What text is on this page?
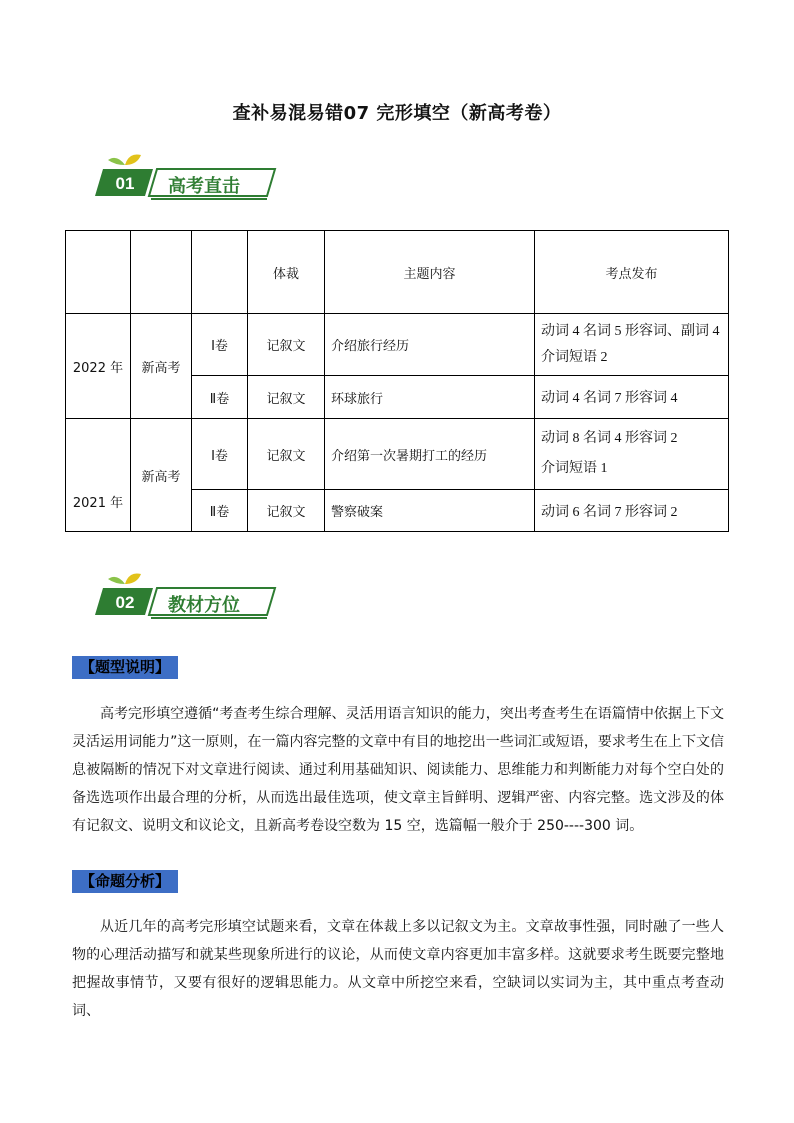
查补易混易错07 完形填空（新高考卷）
01	高考直击
			体裁	主题内容	考点发布
2022 年	新高考	Ⅰ卷	记叙文	介绍旅行经历	动词 4 名词 5 形容词、副词 4
介词短语 2

		Ⅱ卷	记叙文	环球旅行	动词 4 名词 7 形容词 4
2021 年	新高考	Ⅰ卷	记叙文	介绍第一次暑期打工的经历	动词 8 名词 4 形容词 2
介词短语 1

		Ⅱ卷	记叙文	警察破案	动词 6 名词 7 形容词 2
02	教材方位
【题型说明】

高考完形填空遵循“考查考生综合理解、灵活用语言知识的能力，突出考查考生在语篇情中依据上下文灵活运用词能力”这一原则，在一篇内容完整的文章中有目的地挖出一些词汇或短语，要求考生在上下文信息被隔断的情况下对文章进行阅读、通过利用基础知识、阅读能力、思维能力和判断能力对每个空白处的备选选项作出最合理的分析，从而选出最佳选项，使文章主旨鲜明、逻辑严密、内容完整。选文涉及的体有记叙文、说明文和议论文，且新高考卷设空数为 15 空，选篇幅一般介于 250----300 词。

【命题分析】

从近几年的高考完形填空试题来看，文章在体裁上多以记叙文为主。文章故事性强，同时融了一些人物的心理活动描写和就某些现象所进行的议论，从而使文章内容更加丰富多样。这就要求考生既要完整地把握故事情节，又要有很好的逻辑思能力。从文章中所挖空来看，空缺词以实词为主，其中重点考查动词、
